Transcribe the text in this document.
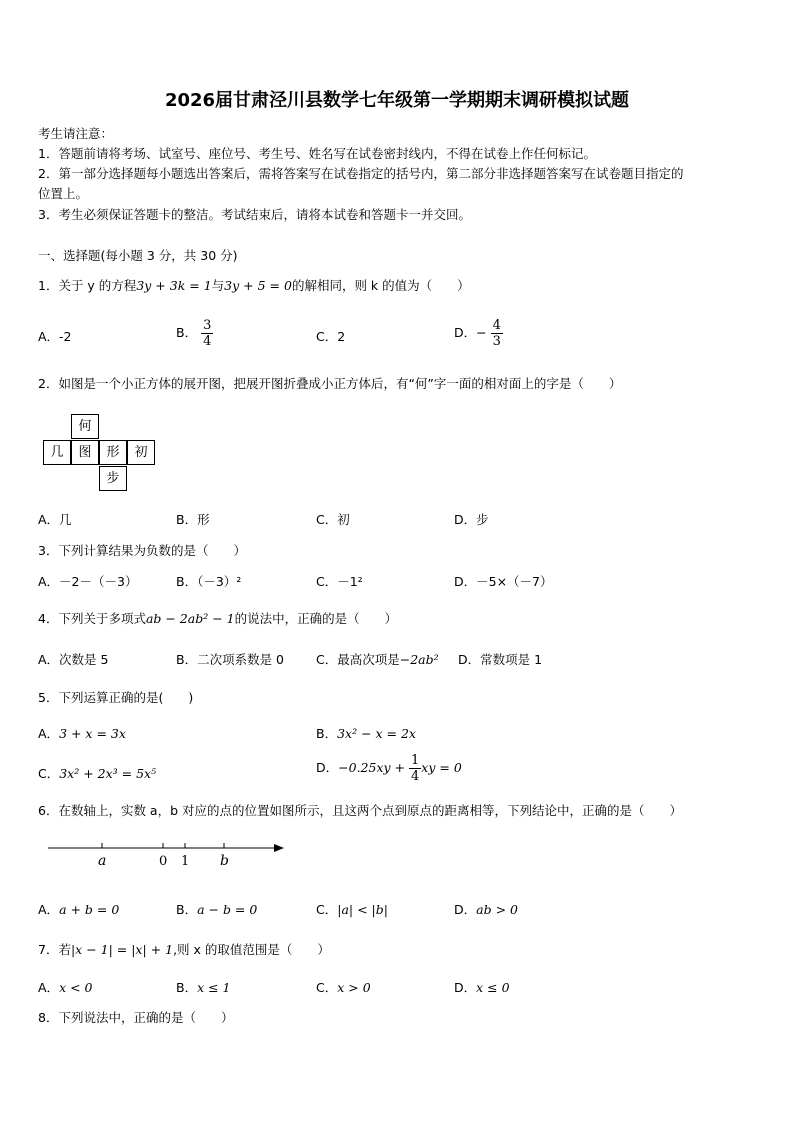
2026届甘肃泾川县数学七年级第一学期期末调研模拟试题
考生请注意：
1．答题前请将考场、试室号、座位号、考生号、姓名写在试卷密封线内，不得在试卷上作任何标记。
2．第一部分选择题每小题选出答案后，需将答案写在试卷指定的括号内，第二部分非选择题答案写在试卷题目指定的
位置上。
3．考生必须保证答题卡的整洁。考试结束后，请将本试卷和答题卡一并交回。
一、选择题(每小题 3 分，共 30 分)
1．关于 y 的方程3y + 3k = 1与3y + 5 = 0的解相同，则 k 的值为（　　）
A．-2	B． $\frac{3}{4}$	C．2	D．− $\frac{4}{3}$
2．如图是一个小正方体的展开图，把展开图折叠成小正方体后，有“何”字一面的相对面上的字是（　　）
何
几	图	形	初
步
A．几	B．形	C．初	D．步
3．下列计算结果为负数的是（　　）
A．－2－（－3）	B．（－3）²	C．－1²	D．－5×（－7）
4．下列关于多项式ab − 2ab² − 1的说法中，正确的是（　　）
A．次数是 5	B．二次项系数是 0	C．最高次项是−2ab² D．常数项是 1
5．下列运算正确的是(　　)
A．3 + x = 3x	B．3x² − x = 2x
C．3x² + 2x³ = 5x⁵	D．$-0.25xy + \frac{1}{4}$ xy = 0
6．在数轴上，实数 a，b 对应的点的位置如图所示，且这两个点到原点的距离相等，下列结论中，正确的是（　　）
a	0 1 b
A．a + b = 0	B．a − b = 0	C．|a| < |b|	D．ab > 0
7．若|x − 1| = |x| + 1,则 x 的取值范围是（　　）
A．x < 0	B．x ≤ 1	C．x > 0	D．x ≤ 0
8．下列说法中，正确的是（　　）
